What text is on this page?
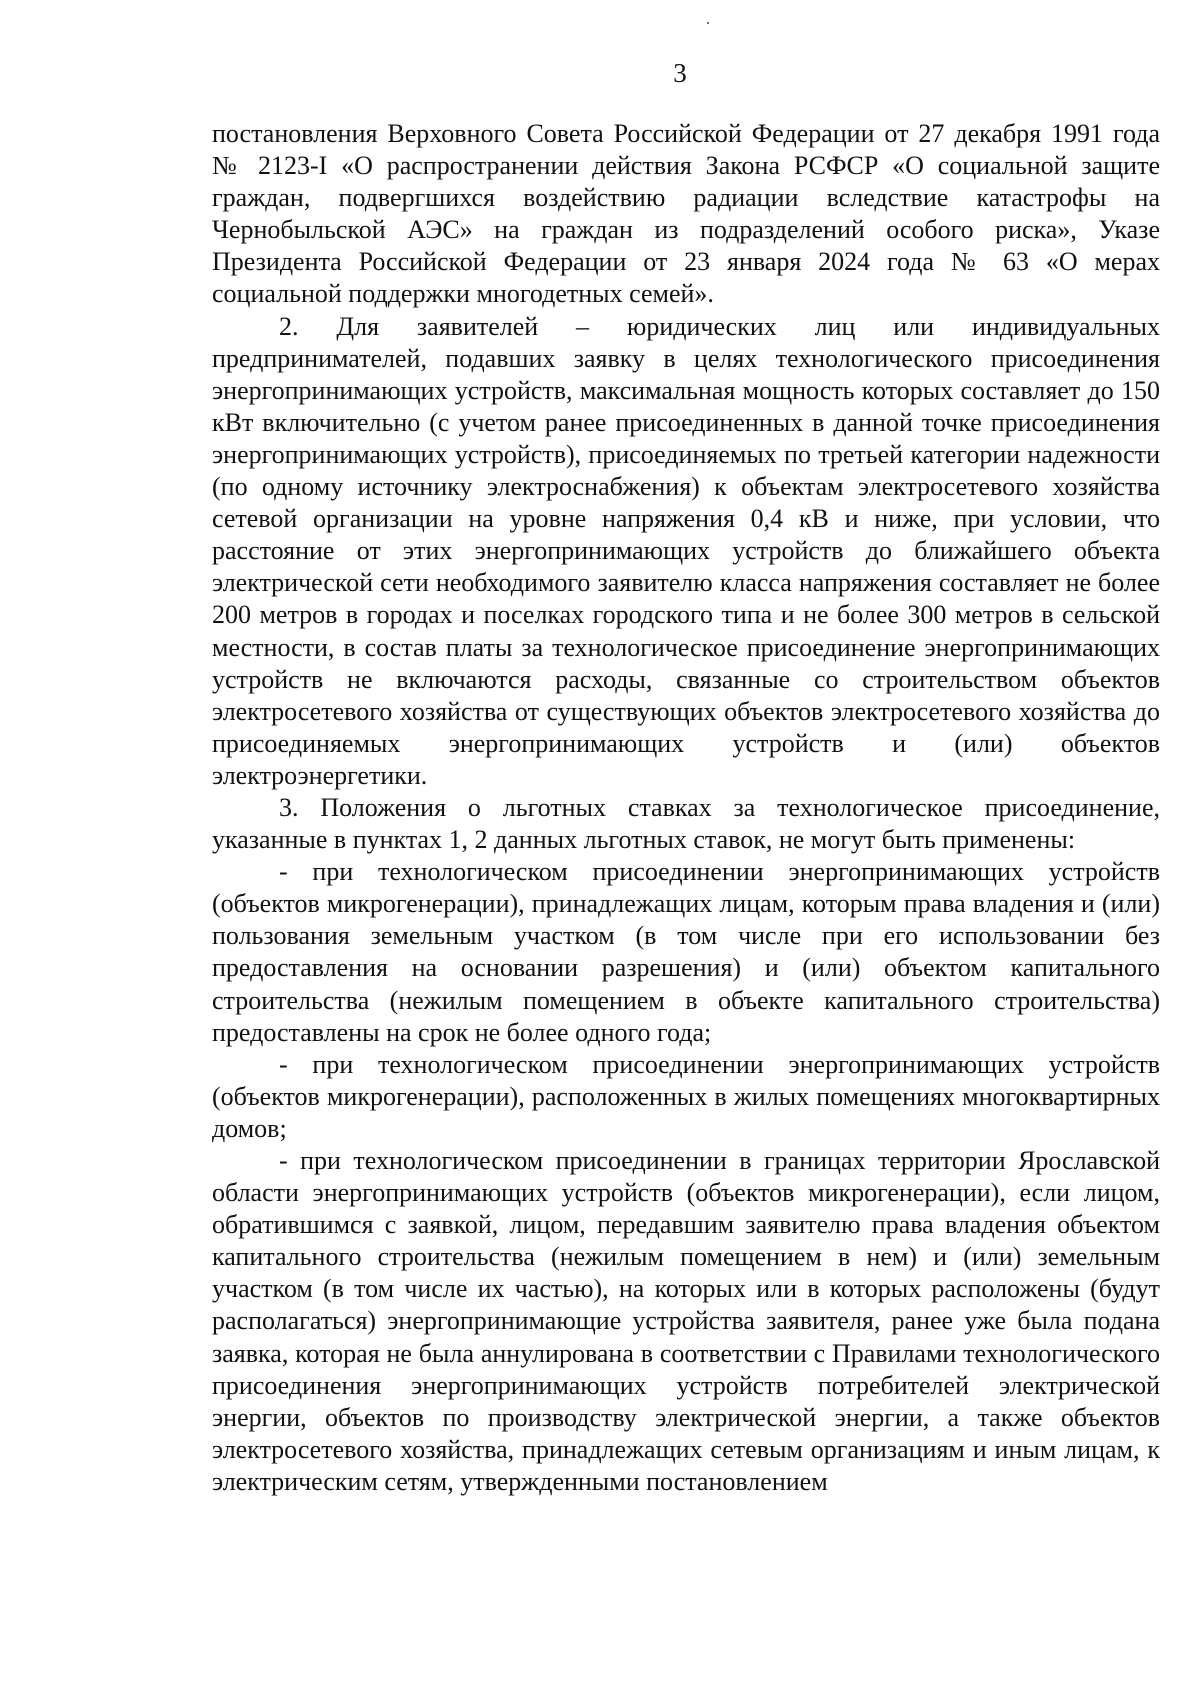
3

постановления Верховного Совета Российской Федерации от 27 декабря 1991 года № 2123-I «О распространении действия Закона РСФСР «О социальной защите граждан, подвергшихся воздействию радиации вследствие катастрофы на Чернобыльской АЭС» на граждан из подразделений особого риска», Указе Президента Российской Федерации от 23 января 2024 года № 63 «О мерах социальной поддержки многодетных семей».

2. Для заявителей – юридических лиц или индивидуальных предпринимателей, подавших заявку в целях технологического присоединения энергопринимающих устройств, максимальная мощность которых составляет до 150 кВт включительно (с учетом ранее присоединенных в данной точке присоединения энергопринимающих устройств), присоединяемых по третьей категории надежности (по одному источнику электроснабжения) к объектам электросетевого хозяйства сетевой организации на уровне напряжения 0,4 кВ и ниже, при условии, что расстояние от этих энергопринимающих устройств до ближайшего объекта электрической сети необходимого заявителю класса напряжения составляет не более 200 метров в городах и поселках городского типа и не более 300 метров в сельской местности, в состав платы за технологическое присоединение энергопринимающих устройств не включаются расходы, связанные со строительством объектов электросетевого хозяйства от существующих объектов электросетевого хозяйства до присоединяемых энергопринимающих устройств и (или) объектов электроэнергетики.

3. Положения о льготных ставках за технологическое присоединение, указанные в пунктах 1, 2 данных льготных ставок, не могут быть применены:

- при технологическом присоединении энергопринимающих устройств (объектов микрогенерации), принадлежащих лицам, которым права владения и (или) пользования земельным участком (в том числе при его использовании без предоставления на основании разрешения) и (или) объектом капитального строительства (нежилым помещением в объекте капитального строительства) предоставлены на срок не более одного года;

- при технологическом присоединении энергопринимающих устройств (объектов микрогенерации), расположенных в жилых помещениях многоквартирных домов;

- при технологическом присоединении в границах территории Ярославской области энергопринимающих устройств (объектов микрогенерации), если лицом, обратившимся с заявкой, лицом, передавшим заявителю права владения объектом капитального строительства (нежилым помещением в нем) и (или) земельным участком (в том числе их частью), на которых или в которых расположены (будут располагаться) энергопринимающие устройства заявителя, ранее уже была подана заявка, которая не была аннулирована в соответствии с Правилами технологического присоединения энергопринимающих устройств потребителей электрической энергии, объектов по производству электрической энергии, а также объектов электросетевого хозяйства, принадлежащих сетевым организациям и иным лицам, к электрическим сетям, утвержденными постановлением
